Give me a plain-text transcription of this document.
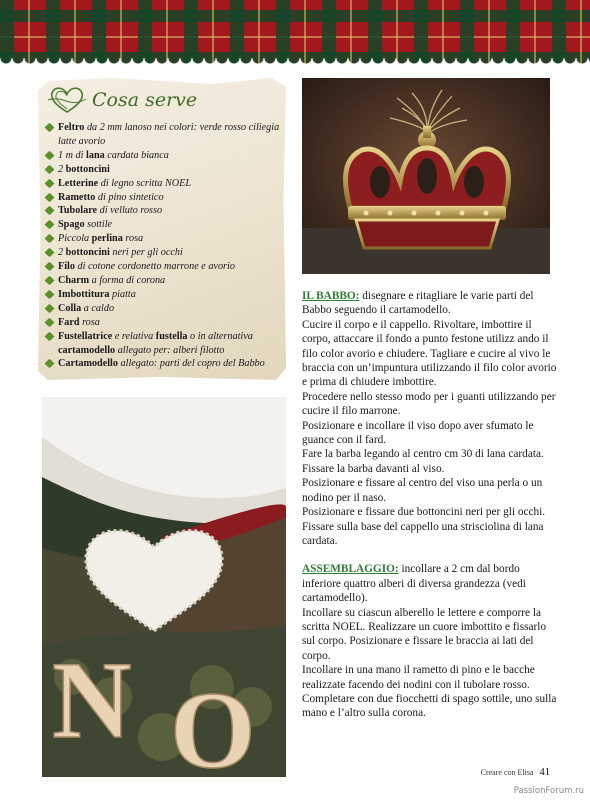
Cosa serve
Feltro da 2 mm lanoso nei colori: verde rosso ciliegia latte avorio
1 m di lana cardata bianca
2 bottoncini
Letterine di legno scritta NOEL
Rametto di pino sintetico
Tubolare di velluto rosso
Spago sottile
Piccola perlina rosa
2 bottoncini neri per gli occhi
Filo di cotone cordonetto marrone e avorio
Charm a forma di corona
Imbottitura piatta
Colla a caldo
Fard rosa
Fustellatrice e relativa fustella o in alternativa cartamodello allegato per: alberi filotto
Cartamodello allegato: parti del copro del Babbo
N O

IL BABBO: disegnare e ritagliare le varie parti del Babbo seguendo il cartamodello.

Cucire il corpo e il cappello. Rivoltare, imbottire il corpo, attaccare il fondo a punto festone utilizz ando il filo color avorio e chiudere. Tagliare e cucire al vivo le braccia con un’impuntura utilizzando il filo color avorio e prima di chiudere imbottire.

Procedere nello stesso modo per i guanti utilizzando per cucire il filo marrone.

Posizionare e incollare il viso dopo aver sfumato le guance con il fard.

Fare la barba legando al centro cm 30 di lana cardata.

Fissare la barba davanti al viso.

Posizionare e fissare al centro del viso una perla o un nodino per il naso.

Posizionare e fissare due bottoncini neri per gli occhi.

Fissare sulla base del cappello una strisciolina di lana cardata.

ASSEMBLAGGIO: incollare a 2 cm dal bordo inferiore quattro alberi di diversa grandezza (vedi cartamodello).

Incollare su ciascun alberello le lettere e comporre la scritta NOEL. Realizzare un cuore imbottito e fissarlo sul corpo. Posizionare e fissare le braccia ai lati del corpo.

Incollare in una mano il rametto di pino e le bacche realizzate facendo dei nodini con il tubolare rosso.

Completare con due fiocchetti di spago sottile, uno sulla mano e l’altro sulla corona.

Creare con Elisa 41
PassionForum.ru
